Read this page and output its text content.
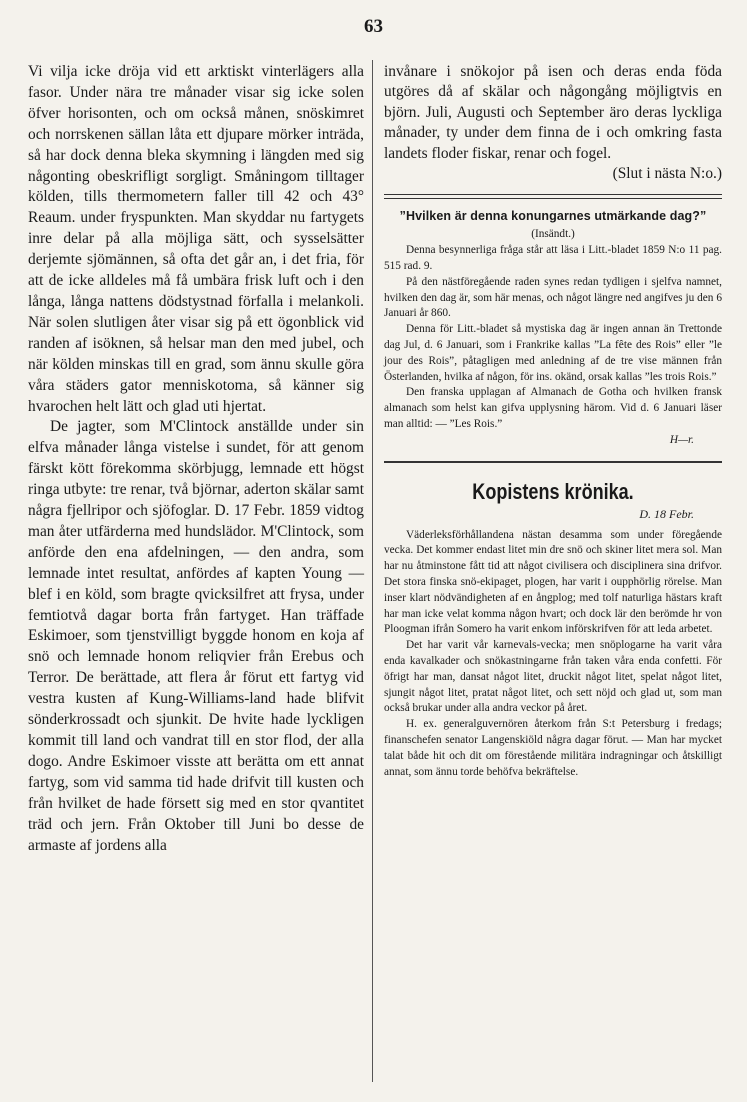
63

Vi vilja icke dröja vid ett arktiskt vinterlägers alla fasor. Under nära tre månader visar sig icke solen öfver horisonten, och om också månen, snöskimret och norrskenen sällan låta ett djupare mörker inträda, så har dock denna bleka skymning i längden med sig någonting obeskrifligt sorgligt. Småningom tilltager kölden, tills thermometern faller till 42 och 43° Reaum. under fryspunkten. Man skyddar nu fartygets inre delar på alla möjliga sätt, och sysselsätter derjemte sjömännen, så ofta det går an, i det fria, för att de icke alldeles må få umbära frisk luft och i den långa, långa nattens dödstystnad förfalla i melankoli. När solen slutligen åter visar sig på ett ögonblick vid randen af isöknen, så helsar man den med jubel, och när kölden minskas till en grad, som ännu skulle göra våra städers gator menniskotoma, så känner sig hvarochen helt lätt och glad uti hjertat.

De jagter, som M'Clintock anställde under sin elfva månader långa vistelse i sundet, för att genom färskt kött förekomma skörbjugg, lemnade ett högst ringa utbyte: tre renar, två björnar, aderton skälar samt några fjellripor och sjöfoglar. D. 17 Febr. 1859 vidtog man åter utfärderna med hundslädor. M'Clintock, som anförde den ena afdelningen, — den andra, som lemnade intet resultat, anfördes af kapten Young — blef i en köld, som bragte qvicksilfret att frysa, under femtiotvå dagar borta från fartyget. Han träffade Eskimoer, som tjenstvilligt byggde honom en koja af snö och lemnade honom reliqvier från Erebus och Terror. De berättade, att flera år förut ett fartyg vid vestra kusten af Kung-Williams-land hade blifvit sönderkrossadt och sjunkit. De hvite hade lyckligen kommit till land och vandrat till en stor flod, der alla dogo. Andre Eskimoer visste att berätta om ett annat fartyg, som vid samma tid hade drifvit till kusten och från hvilket de hade försett sig med en stor qvantitet träd och jern. Från Oktober till Juni bo desse de armaste af jordens alla

invånare i snökojor på isen och deras enda föda utgöres då af skälar och någongång möjligtvis en björn. Juli, Augusti och September äro deras lyckliga månader, ty under dem finna de i och omkring fasta landets floder fiskar, renar och fogel.

(Slut i nästa N:o.)

”Hvilken är denna konungarnes utmärkande dag?”

(Insändt.)

Denna besynnerliga fråga står att läsa i Litt.-bladet 1859 N:o 11 pag. 515 rad. 9.

På den nästföregående raden synes redan tydligen i sjelfva namnet, hvilken den dag är, som här menas, och något längre ned angifves ju den 6 Januari år 860.

Denna för Litt.-bladet så mystiska dag är ingen annan än Trettonde dag Jul, d. 6 Januari, som i Frankrike kallas ”La fête des Rois” eller ”le jour des Rois”, påtagligen med anledning af de tre vise männen från Österlanden, hvilka af någon, för ins. okänd, orsak kallas ”les trois Rois.”

Den franska upplagan af Almanach de Gotha och hvilken fransk almanach som helst kan gifva upplysning härom. Vid d. 6 Januari läser man alltid: — ”Les Rois.”

H—r.

Kopistens krönika.
D. 18 Febr.

Väderleksförhållandena nästan desamma som under föregående vecka. Det kommer endast litet min dre snö och skiner litet mera sol. Man har nu åtminstone fått tid att något civilisera och disciplinera sina drifvor. Det stora finska snö-ekipaget, plogen, har varit i oupphörlig rörelse. Man inser klart nödvändigheten af en ångplog; med tolf naturliga hästars kraft har man icke velat komma någon hvart; och dock lär den berömde hr von Ploogman ifrån Somero ha varit enkom införskrifven för att leda arbetet.

Det har varit vår karnevals-vecka; men snöplogarne ha varit våra enda kavalkader och snökastningarne från taken våra enda confetti. För öfrigt har man, dansat något litet, druckit något litet, spelat något litet, sjungit något litet, pratat något litet, och sett nöjd och glad ut, som man också brukar under alla andra veckor på året.

H. ex. generalguvernören återkom från S:t Petersburg i fredags; finanschefen senator Langenskiöld några dagar förut. — Man har mycket talat både hit och dit om förestående militära indragningar och åtskilligt annat, som ännu torde behöfva bekräftelse.
